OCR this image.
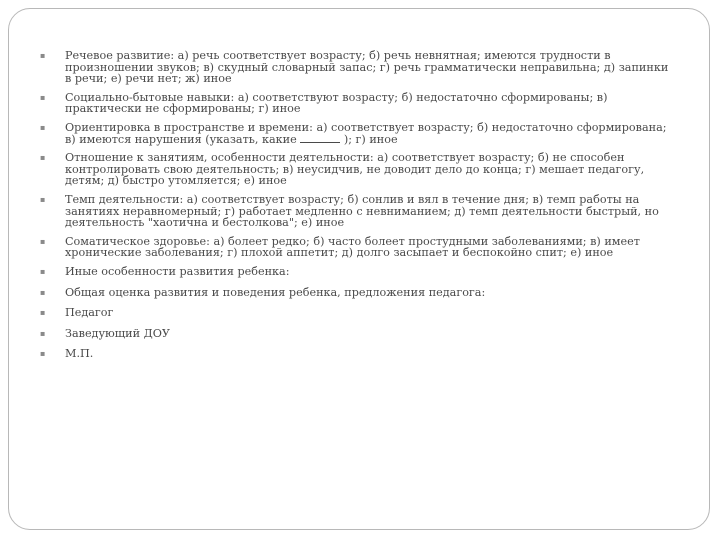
▪	Речевое развитие: а) речь соответствует возрасту; б) речь невнятная; имеются трудности в произношении звуков; в) скудный словарный запас; г) речь грамматически неправильна; д) запинки в речи; е) речи нет; ж) иное
▪	Социально-бытовые навыки: а) соответствуют возрасту; б) недостаточно сформированы; в) практически не сформированы; г) иное
▪	Ориентировка в пространстве и времени: а) соответствует возрасту; б) недостаточно сформирована; в) имеются нарушения (указать, какие	); г) иное
▪	Отношение к занятиям, особенности деятельности: а) соответствует возрасту; б) не способен контролировать свою деятельность; в) неусидчив, не доводит дело до конца; г) мешает педагогу, детям; д) быстро утомляется; е) иное
▪	Темп деятельности: а) соответствует возрасту; б) сонлив и вял в течение дня; в) темп работы на занятиях неравномерный; г) работает медленно с невниманием; д) темп деятельности быстрый, но деятельность "хаотична и бестолкова"; е) иное
▪	Соматическое здоровье: а) болеет редко; б) часто болеет простудными заболеваниями; в) имеет хронические заболевания; г) плохой аппетит; д) долго засыпает и беспокойно спит; е) иное
▪	Иные особенности развития ребенка:
▪	Общая оценка развития и поведения ребенка, предложения педагога:
▪	Педагог
▪	Заведующий ДОУ
▪	М.П.
